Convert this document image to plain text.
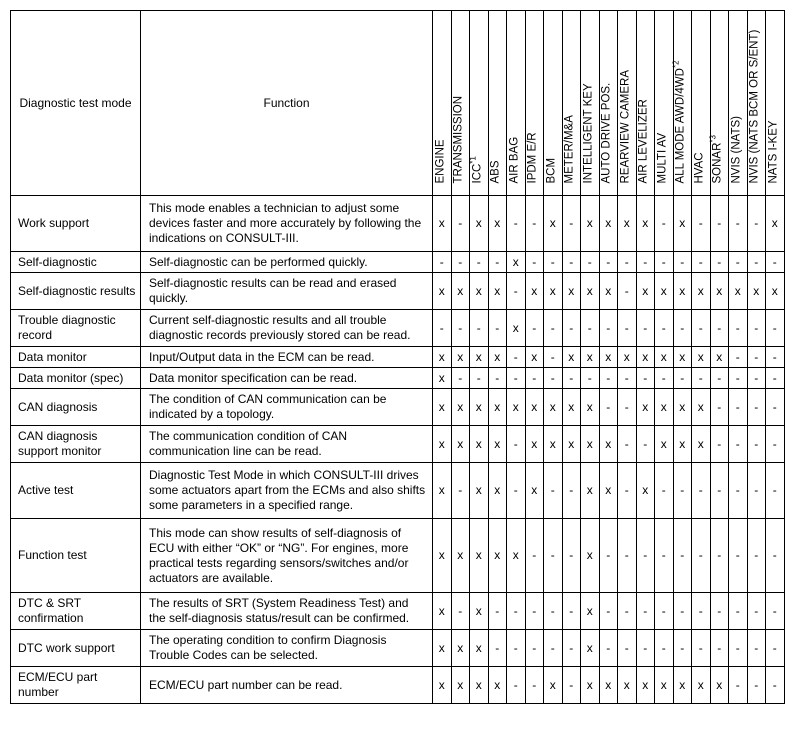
Diagnostic test mode	Function	ENGINE	TRANSMISSION	ICC$^{*1}$	ABS	AIR BAG	IPDM E/R	BCM	METER/M&A	INTELLIGENT KEY	AUTO DRIVE POS.	REARVIEW CAMERA	AIR LEVELIZER	MULTI AV	ALL MODE AWD/4WD$^{*2}$	HVAC	SONAR$^{*3}$	NVIS (NATS)	NVIS (NATS BCM OR S/ENT)	NATS I-KEY

Work support	This mode enables a technician to adjust some devices faster and more accurately by following the indications on CONSULT-III.	x	-	x	x	-	-	x	-	x	x	x	x	-	x	-	-	-	-	x
Self-diagnostic	Self-diagnostic can be performed quickly.	-	-	-	-	x	-	-	-	-	-	-	-	-	-	-	-	-	-	-
Self-diagnostic results	Self-diagnostic results can be read and erased quickly.	x	x	x	x	-	x	x	x	x	x	-	x	x	x	x	x	x	x	x
Trouble diagnostic record	Current self-diagnostic results and all trouble diagnostic records previously stored can be read.	-	-	-	-	x	-	-	-	-	-	-	-	-	-	-	-	-	-	-
Data monitor	Input/Output data in the ECM can be read.	x	x	x	x	-	x	-	x	x	x	x	x	x	x	x	x	-	-	-
Data monitor (spec)	Data monitor specification can be read.	x	-	-	-	-	-	-	-	-	-	-	-	-	-	-	-	-	-	-
CAN diagnosis	The condition of CAN communication can be indicated by a topology.	x	x	x	x	x	x	x	x	x	-	-	x	x	x	x	-	-	-	-
CAN diagnosis support monitor	The communication condition of CAN communication line can be read.	x	x	x	x	-	x	x	x	x	x	-	-	x	x	x	-	-	-	-
Active test	Diagnostic Test Mode in which CONSULT-III drives some actuators apart from the ECMs and also shifts some parameters in a specified range.	x	-	x	x	-	x	-	-	x	x	-	x	-	-	-	-	-	-	-
Function test	This mode can show results of self-diagnosis of ECU with either “OK” or “NG”. For engines, more practical tests regarding sensors/switches and/or actuators are available.	x	x	x	x	x	-	-	-	x	-	-	-	-	-	-	-	-	-	-
DTC & SRT confirmation	The results of SRT (System Readiness Test) and the self-diagnosis status/result can be confirmed.	x	-	x	-	-	-	-	-	x	-	-	-	-	-	-	-	-	-	-
DTC work support	The operating condition to confirm Diagnosis Trouble Codes can be selected.	x	x	x	-	-	-	-	-	x	-	-	-	-	-	-	-	-	-	-
ECM/ECU part number	ECM/ECU part number can be read.	x	x	x	x	-	-	x	-	x	x	x	x	x	x	x	x	-	-	-
